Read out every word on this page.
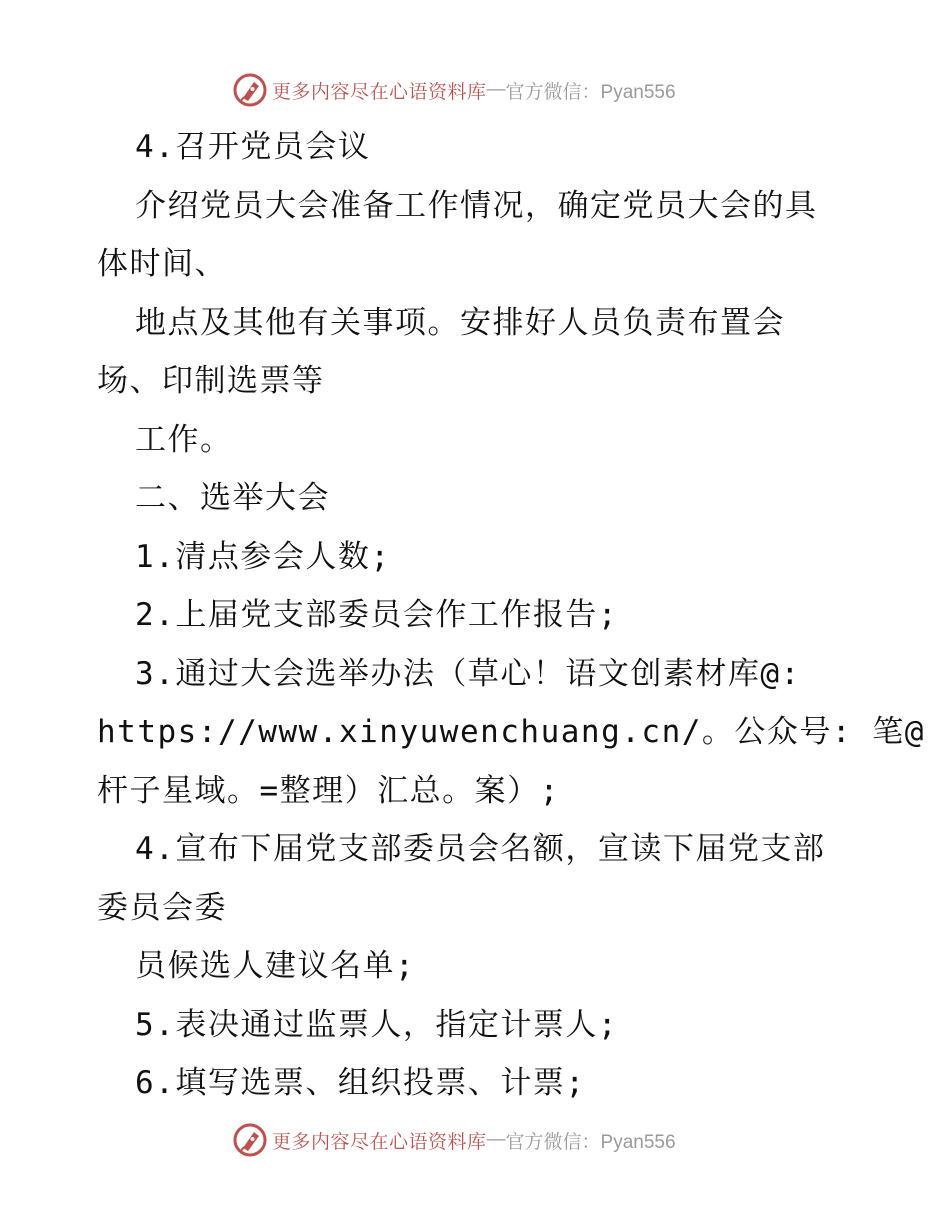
更多内容尽在心语资料库 — 官方微信：Pyan556
4.召开党员会议
介绍党员大会准备工作情况，确定党员大会的具
体时间、
地点及其他有关事项。安排好人员负责布置会
场、印制选票等
工作。
二、选举大会
1.清点参会人数;
2.上届党支部委员会作工作报告;
3.通过大会选举办法（草心！语文创素材库@:
https://www.xinyuwenchuang.cn/。公众号: 笔@
杆子星域。=整理）汇总。案）;
4.宣布下届党支部委员会名额，宣读下届党支部
委员会委
员候选人建议名单;
5.表决通过监票人，指定计票人;
6.填写选票、组织投票、计票;
更多内容尽在心语资料库 — 官方微信：Pyan556
